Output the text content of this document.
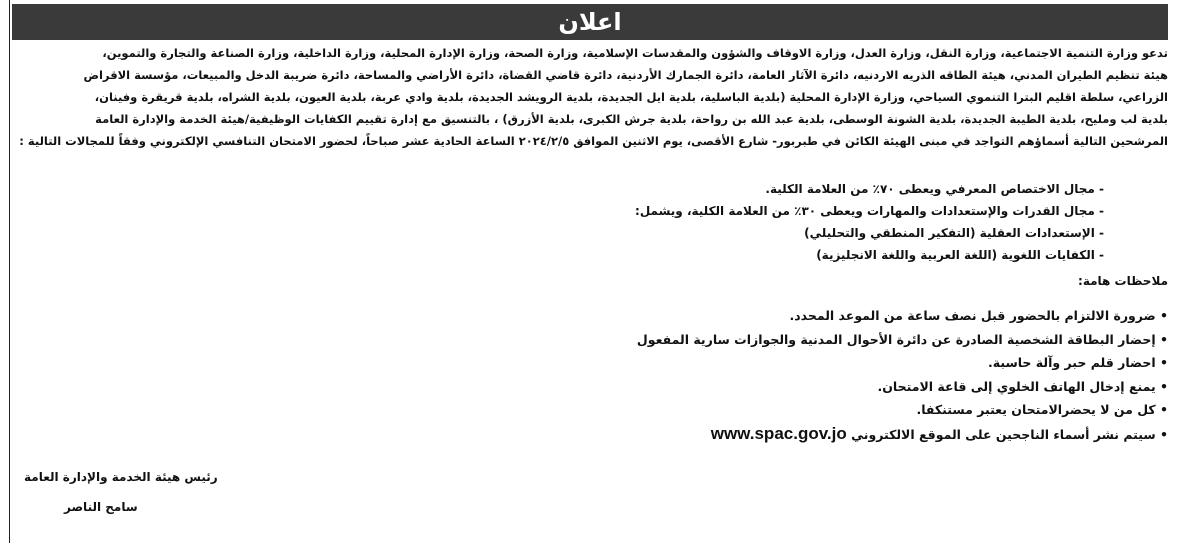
اعلان

تدعو وزارة التنمية الاجتماعية، وزارة النقل، وزارة العدل، وزارة الاوقاف والشؤون والمقدسات الإسلامية، وزارة الصحة، وزارة الإدارة المحلية، وزارة الداخلية، وزارة الصناعة والتجارة والتموين،

هيئة تنظيم الطيران المدني، هيئة الطاقه الذريه الاردنيه، دائرة الآثار العامة، دائرة الجمارك الأردنية، دائرة قاضي القضاة، دائرة الأراضي والمساحة، دائرة ضريبة الدخل والمبيعات، مؤسسة الاقراض

الزراعي، سلطة اقليم البترا التنموي السياحي، وزارة الإدارة المحلية (بلدية الباسلية، بلدية ايل الجديدة، بلدية الرويشد الجديدة، بلدية وادي عربة، بلدية العيون، بلدية الشراه، بلدية قريقرة وفينان،

بلدية لب ومليح، بلدية الطيبة الجديدة، بلدية الشونة الوسطى، بلدية عبد الله بن رواحة، بلدية جرش الكبرى، بلدية الأزرق) ، بالتنسيق مع إدارة تقييم الكفايات الوظيفية/هيئة الخدمة والإدارة العامة

المرشحين التالية أسماؤهم التواجد في مبنى الهيئة الكائن في طبربور- شارع الأقصى، يوم الاثنين الموافق ٢٠٢٤/٢/٥ الساعة الحادية عشر صباحاً، لحضور الامتحان التنافسي الإلكتروني وفقاً للمجالات التالية :

- مجال الاختصاص المعرفي ويعطى ٧٠٪ من العلامة الكلية.
- مجال القدرات والإستعدادات والمهارات ويعطى ٣٠٪ من العلامة الكلية، ويشمل:
- الإستعدادات العقلية (التفكير المنطقي والتحليلي)
- الكفايات اللغوية (اللغة العربية واللغة الانجليزية)
ملاحظات هامة:
• ضرورة الالتزام بالحضور قبل نصف ساعة من الموعد المحدد.
• إحضار البطاقة الشخصية الصادرة عن دائرة الأحوال المدنية والجوازات سارية المفعول
• احضار قلم حبر وآلة حاسبة.
• يمنع إدخال الهاتف الخلوي إلى قاعة الامتحان.
• كل من لا يحضرالامتحان يعتبر مستنكفا.
• سيتم نشر أسماء الناجحين على الموقع الالكتروني www.spac.gov.jo
رئيس هيئة الخدمة والإدارة العامة
سامح الناصر
